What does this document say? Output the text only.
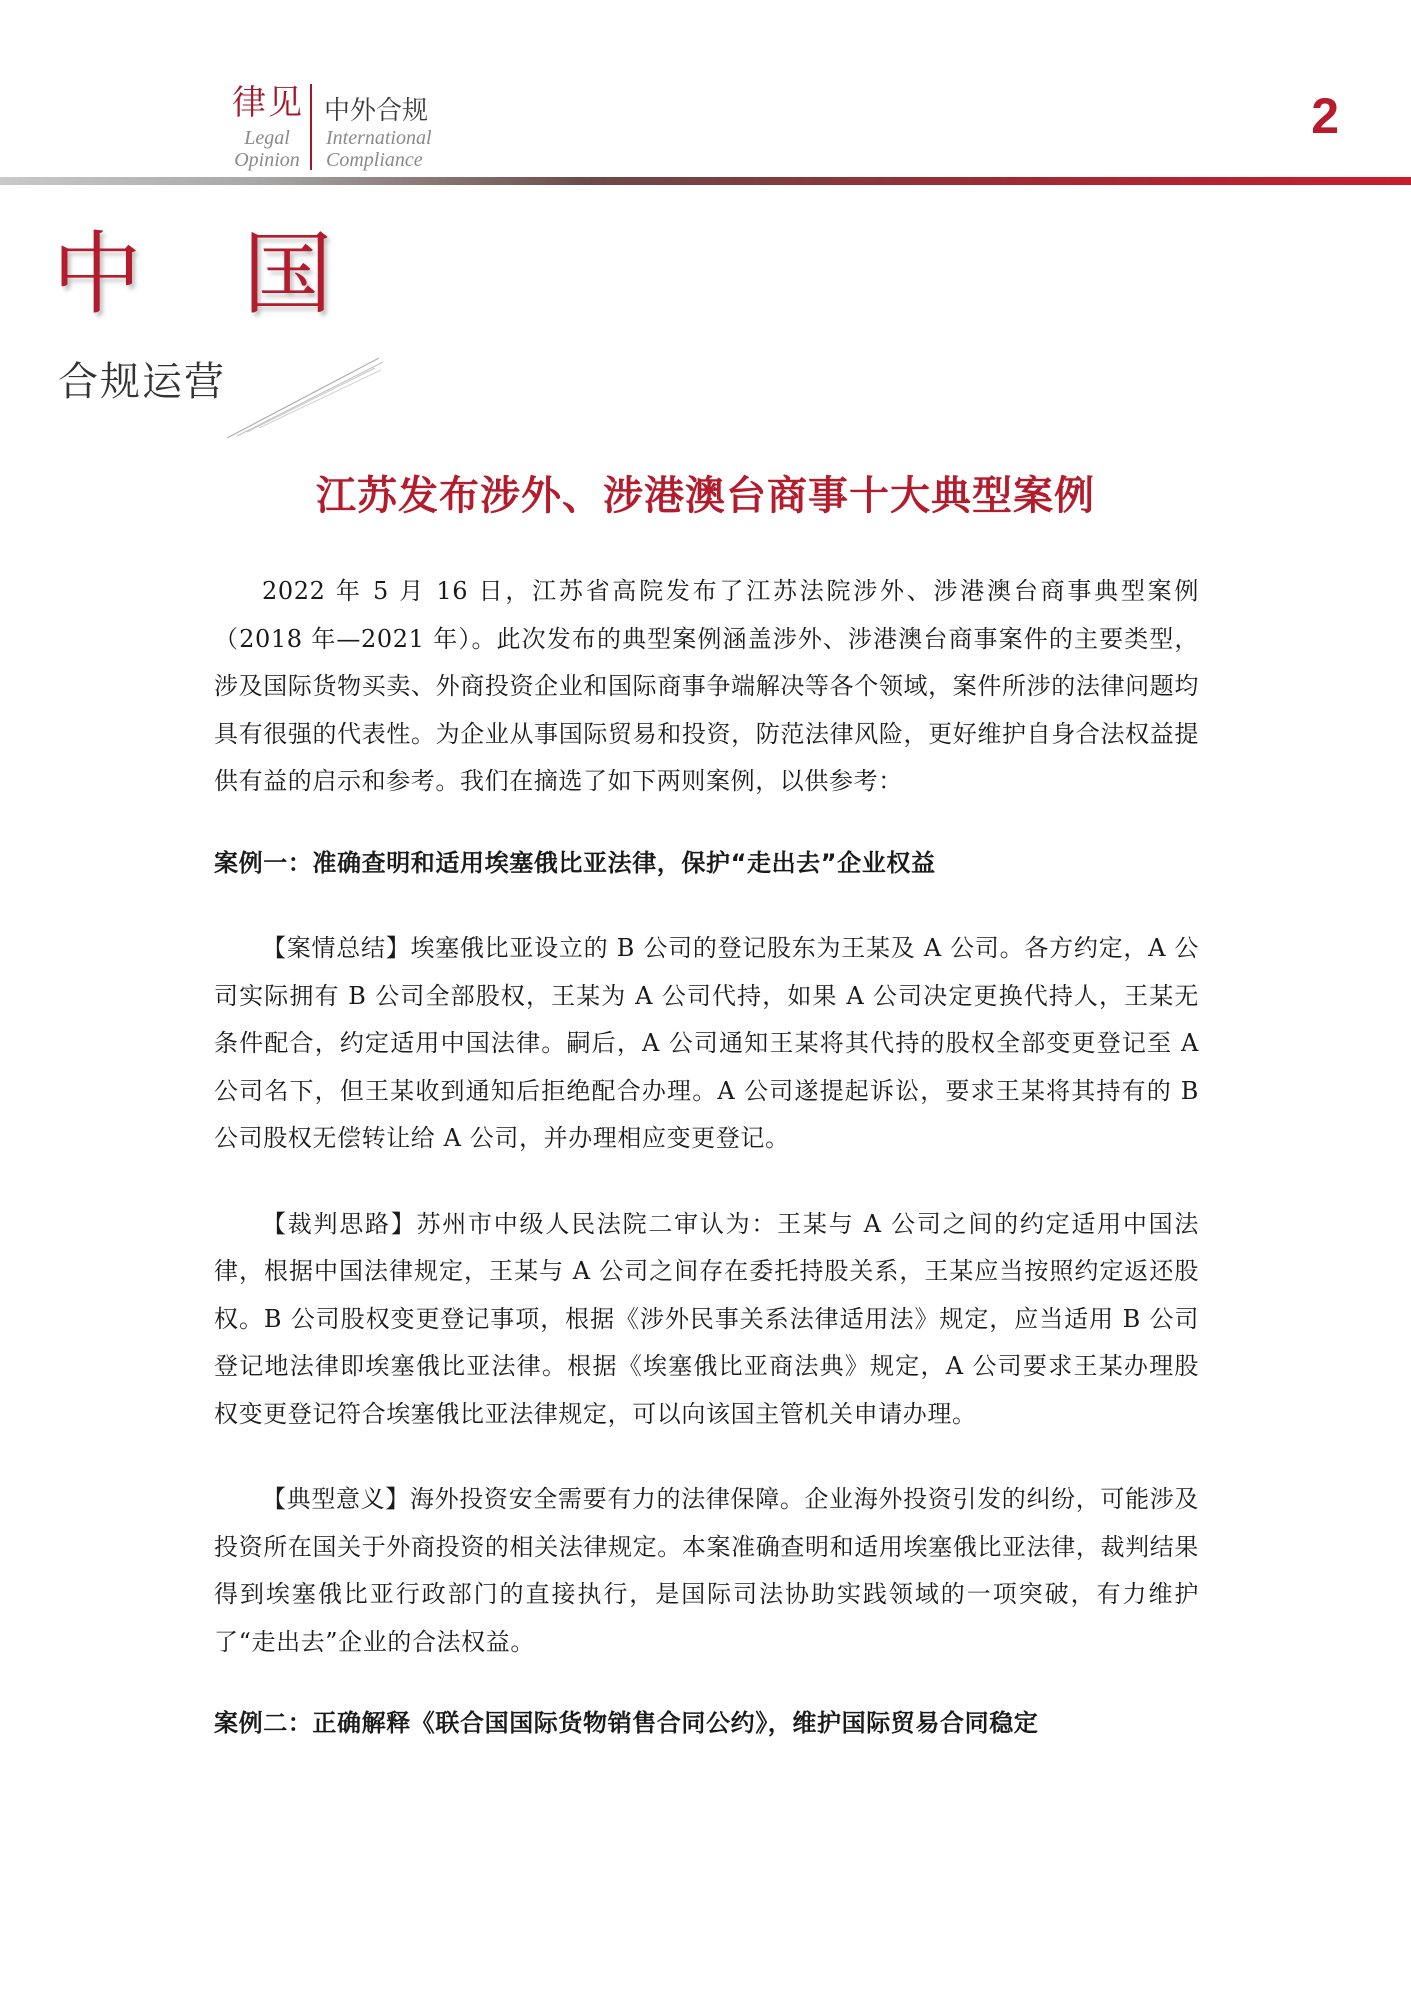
律见
Legal
Opinion
中外合规
International
Compliance
2
中 国
合规运营
江苏发布涉外、涉港澳台商事十大典型案例

2022 年 5 月 16 日，江苏省高院发布了江苏法院涉外、涉港澳台商事典型案例（2018 年—2021 年）。此次发布的典型案例涵盖涉外、涉港澳台商事案件的主要类型，涉及国际货物买卖、外商投资企业和国际商事争端解决等各个领域，案件所涉的法律问题均具有很强的代表性。为企业从事国际贸易和投资，防范法律风险，更好维护自身合法权益提供有益的启示和参考。我们在摘选了如下两则案例，以供参考：

案例一：准确查明和适用埃塞俄比亚法律，保护“走出去”企业权益

【案情总结】埃塞俄比亚设立的 B 公司的登记股东为王某及 A 公司。各方约定，A 公司实际拥有 B 公司全部股权，王某为 A 公司代持，如果 A 公司决定更换代持人，王某无条件配合，约定适用中国法律。嗣后，A 公司通知王某将其代持的股权全部变更登记至 A 公司名下，但王某收到通知后拒绝配合办理。A 公司遂提起诉讼，要求王某将其持有的 B 公司股权无偿转让给 A 公司，并办理相应变更登记。

【裁判思路】苏州市中级人民法院二审认为：王某与 A 公司之间的约定适用中国法律，根据中国法律规定，王某与 A 公司之间存在委托持股关系，王某应当按照约定返还股权。B 公司股权变更登记事项，根据《涉外民事关系法律适用法》规定，应当适用 B 公司登记地法律即埃塞俄比亚法律。根据《埃塞俄比亚商法典》规定，A 公司要求王某办理股权变更登记符合埃塞俄比亚法律规定，可以向该国主管机关申请办理。

【典型意义】海外投资安全需要有力的法律保障。企业海外投资引发的纠纷，可能涉及投资所在国关于外商投资的相关法律规定。本案准确查明和适用埃塞俄比亚法律，裁判结果得到埃塞俄比亚行政部门的直接执行，是国际司法协助实践领域的一项突破，有力维护了“走出去”企业的合法权益。

案例二：正确解释《联合国国际货物销售合同公约》，维护国际贸易合同稳定
